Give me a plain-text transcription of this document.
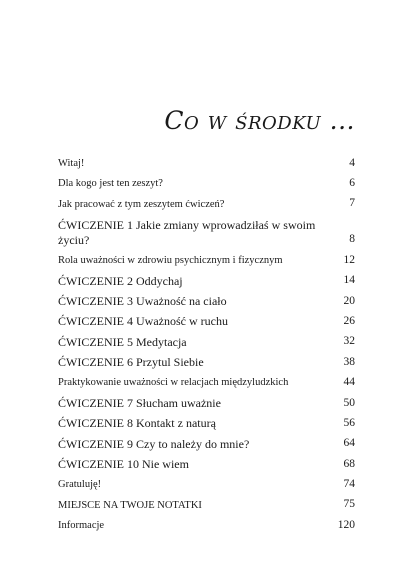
Co w środku ...
Witaj!	4
Dla kogo jest ten zeszyt?	6
Jak pracować z tym zeszytem ćwiczeń?	7
ĆWICZENIE 1 Jakie zmiany wprowadziłaś w swoim życiu?	8
Rola uważności w zdrowiu psychicznym i fizycznym	12
ĆWICZENIE 2 Oddychaj	14
ĆWICZENIE 3 Uważność na ciało	20
ĆWICZENIE 4 Uważność w ruchu	26
ĆWICZENIE 5 Medytacja	32
ĆWICZENIE 6 Przytul Siebie	38
Praktykowanie uważności w relacjach międzyludzkich	44
ĆWICZENIE 7 Słucham uważnie	50
ĆWICZENIE 8 Kontakt z naturą	56
ĆWICZENIE 9 Czy to należy do mnie?	64
ĆWICZENIE 10 Nie wiem	68
Gratuluję!	74
MIEJSCE NA TWOJE NOTATKI	75
Informacje	120
